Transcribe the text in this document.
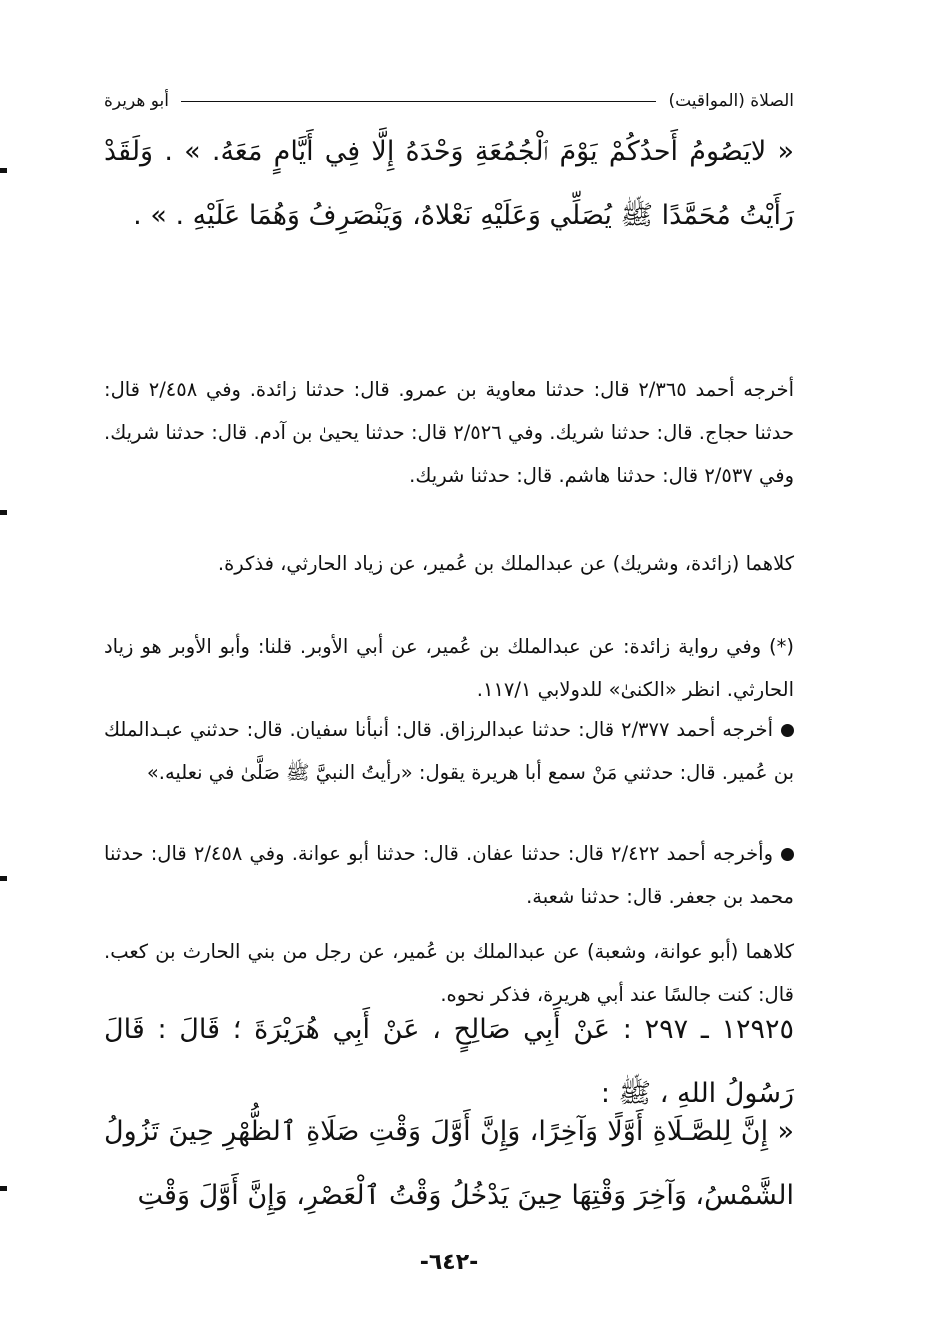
الصلاة (المواقيت)
أبو هريرة
« لايَصُومُ أَحدُكُمْ يَوْمَ ٱلْجُمُعَةِ وَحْدَهُ إِلَّا فِي أَيَّامٍ مَعَهُ. » . وَلَقَدْ رَأَيْتُ مُحَمَّدًا ﷺ يُصَلِّي وَعَلَيْهِ نَعْلاهُ، وَيَنْصَرِفُ وَهُمَا عَلَيْهِ . » .
أخرجه أحمد ٢/٣٦٥ قال: حدثنا معاوية بن عمرو. قال: حدثنا زائدة. وفي ٢/٤٥٨ قال: حدثنا حجاج. قال: حدثنا شريك. وفي ٢/٥٢٦ قال: حدثنا يحيىٰ بن آدم. قال: حدثنا شريك. وفي ٢/٥٣٧ قال: حدثنا هاشم. قال: حدثنا شريك.
كلاهما (زائدة، وشريك) عن عبدالملك بن عُمير، عن زياد الحارثي، فذكرة.
(*) وفي رواية زائدة: عن عبدالملك بن عُمير، عن أبي الأوبر. قلنا: وأبو الأوبر هو زياد الحارثي. انظر «الكنىٰ» للدولابي ١١٧/١.
أخرجه أحمد ٢/٣٧٧ قال: حدثنا عبدالرزاق. قال: أنبأنا سفيان. قال: حدثني عبـدالملك بن عُمير. قال: حدثني مَنْ سمع أبا هريرة يقول: «رأيتُ النبيَّ ﷺ صَلَّىٰ في نعليه.»
وأخرجه أحمد ٢/٤٢٢ قال: حدثنا عفان. قال: حدثنا أبو عوانة. وفي ٢/٤٥٨ قال: حدثنا محمد بن جعفر. قال: حدثنا شعبة.
كلاهما (أبو عوانة، وشعبة) عن عبدالملك بن عُمير، عن رجل من بني الحارث بن كعب. قال: كنت جالسًا عند أبي هريرة، فذكر نحوه.
١٢٩٢٥ ـ ٢٩٧ : عَنْ أَبِي صَالِحٍ ، عَنْ أَبِي هُرَيْرَةَ ؛ قَالَ : قَالَ رَسُولُ اللهِ ، ﷺ :
« إِنَّ لِلصَّـلَاةِ أَوَّلًا وَآخِرًا، وَإِنَّ أَوَّلَ وَقْتِ صَلَاةِ ٱلظُّهْرِ حِينَ تَزُولُ الشَّمْسُ، وَآخِرَ وَقْتِهَا حِينَ يَدْخُلُ وَقْتُ ٱلْعَصْرِ، وَإِنَّ أَوَّلَ وَقْتِ
-٦٤٢-
